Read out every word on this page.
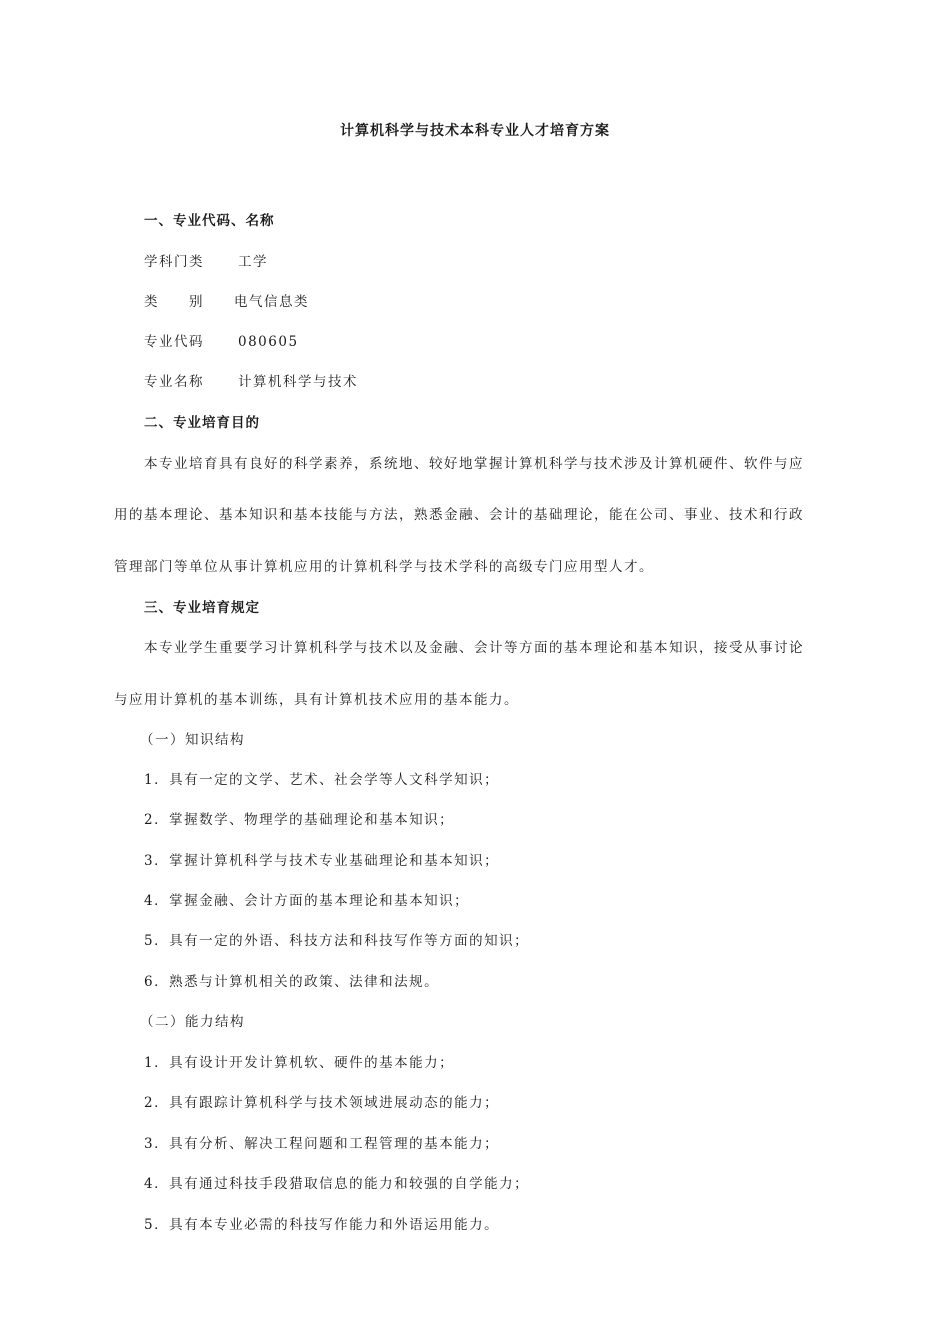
计算机科学与技术本科专业人才培育方案
一、专业代码、名称
学科门类	工学
类　　别 电气信息类
专业代码	080605
专业名称	计算机科学与技术
二、专业培育目的
本专业培育具有良好的科学素养，系统地、较好地掌握计算机科学与技术涉及计算机硬件、软件与应
用的基本理论、基本知识和基本技能与方法，熟悉金融、会计的基础理论，能在公司、事业、技术和行政
管理部门等单位从事计算机应用的计算机科学与技术学科的高级专门应用型人才。
三、专业培育规定
本专业学生重要学习计算机科学与技术以及金融、会计等方面的基本理论和基本知识，接受从事讨论
与应用计算机的基本训练，具有计算机技术应用的基本能力。
（一）知识结构
1．具有一定的文学、艺术、社会学等人文科学知识；
2．掌握数学、物理学的基础理论和基本知识；
3．掌握计算机科学与技术专业基础理论和基本知识；
4．掌握金融、会计方面的基本理论和基本知识；
5．具有一定的外语、科技方法和科技写作等方面的知识；
6．熟悉与计算机相关的政策、法律和法规。
（二）能力结构
1．具有设计开发计算机软、硬件的基本能力；
2．具有跟踪计算机科学与技术领域进展动态的能力；
3．具有分析、解决工程问题和工程管理的基本能力；
4．具有通过科技手段猎取信息的能力和较强的自学能力；
5．具有本专业必需的科技写作能力和外语运用能力。
